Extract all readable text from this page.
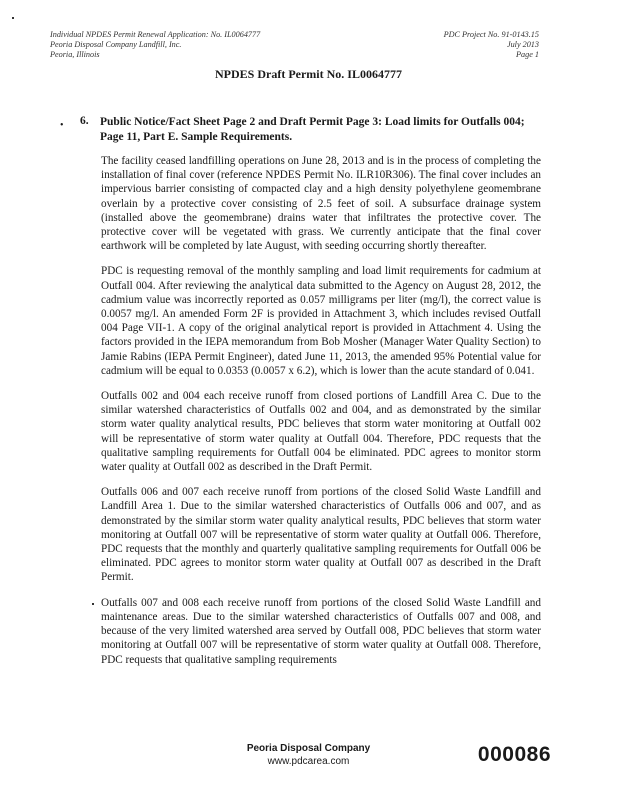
Individual NPDES Permit Renewal Application: No. IL0064777
Peoria Disposal Company Landfill, Inc.
Peoria, Illinois
PDC Project No. 91-0143.15
July 2013
Page 1
NPDES Draft Permit No. IL0064777
• 6. Public Notice/Fact Sheet Page 2 and Draft Permit Page 3: Load limits for Outfalls 004; Page 11, Part E. Sample Requirements.

The facility ceased landfilling operations on June 28, 2013 and is in the process of completing the installation of final cover (reference NPDES Permit No. ILR10R306). The final cover includes an impervious barrier consisting of compacted clay and a high density polyethylene geomembrane overlain by a protective cover consisting of 2.5 feet of soil. A subsurface drainage system (installed above the geomembrane) drains water that infiltrates the protective cover. The protective cover will be vegetated with grass. We currently anticipate that the final cover earthwork will be completed by late August, with seeding occurring shortly thereafter.

PDC is requesting removal of the monthly sampling and load limit requirements for cadmium at Outfall 004. After reviewing the analytical data submitted to the Agency on August 28, 2012, the cadmium value was incorrectly reported as 0.057 milligrams per liter (mg/l), the correct value is 0.0057 mg/l. An amended Form 2F is provided in Attachment 3, which includes revised Outfall 004 Page VII-1. A copy of the original analytical report is provided in Attachment 4. Using the factors provided in the IEPA memorandum from Bob Mosher (Manager Water Quality Section) to Jamie Rabins (IEPA Permit Engineer), dated June 11, 2013, the amended 95% Potential value for cadmium will be equal to 0.0353 (0.0057 x 6.2), which is lower than the acute standard of 0.041.

Outfalls 002 and 004 each receive runoff from closed portions of Landfill Area C. Due to the similar watershed characteristics of Outfalls 002 and 004, and as demonstrated by the similar storm water quality analytical results, PDC believes that storm water monitoring at Outfall 002 will be representative of storm water quality at Outfall 004. Therefore, PDC requests that the qualitative sampling requirements for Outfall 004 be eliminated. PDC agrees to monitor storm water quality at Outfall 002 as described in the Draft Permit.

Outfalls 006 and 007 each receive runoff from portions of the closed Solid Waste Landfill and Landfill Area 1. Due to the similar watershed characteristics of Outfalls 006 and 007, and as demonstrated by the similar storm water quality analytical results, PDC believes that storm water monitoring at Outfall 007 will be representative of storm water quality at Outfall 006. Therefore, PDC requests that the monthly and quarterly qualitative sampling requirements for Outfall 006 be eliminated. PDC agrees to monitor storm water quality at Outfall 007 as described in the Draft Permit.

Outfalls 007 and 008 each receive runoff from portions of the closed Solid Waste Landfill and maintenance areas. Due to the similar watershed characteristics of Outfalls 007 and 008, and because of the very limited watershed area served by Outfall 008, PDC believes that storm water monitoring at Outfall 007 will be representative of storm water quality at Outfall 008. Therefore, PDC requests that qualitative sampling requirements

Peoria Disposal Company
www.pdcarea.com	000086
